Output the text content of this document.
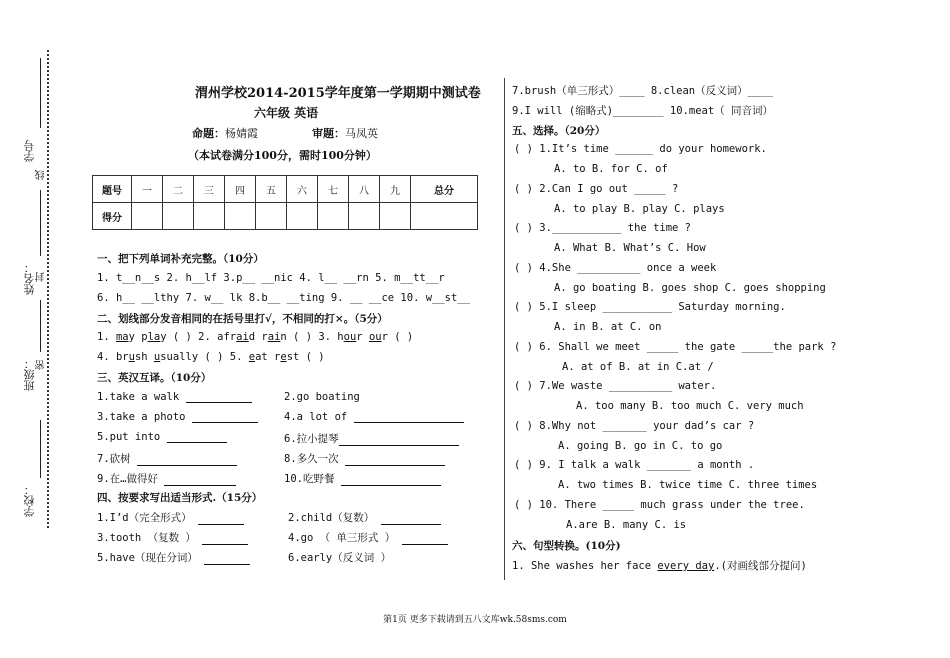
学号
线
姓名： 封
班级： 密
学校：
渭州学校2014-2015学年度第一学期期中测试卷
六年级 英语
命题：杨婧霞	审题：马凤英
（本试卷满分100分，需时100分钟）
题号	一	二	三	四	五	六	七	八	九	总分
得分										
一、把下列单词补充完整。（10分）
1. t__n__s 2. h__lf 3.p__ __nic 4. l__ __rn 5. m__tt__r
6. h__ __lthy 7. w__ lk 8.b__ __ting 9. __ __ce 10. w__st__
二、划线部分发音相同的在括号里打√，不相同的打×。（5分）
1. may play ( ) 2. afraid rain ( ) 3. hour our ( )
4. brush usually ( ) 5. eat rest ( )
三、英汉互译。（10分）
1.take a walk	2.go boating
3.take a photo	4.a lot of
5.put into	6.拉小提琴
7.砍树	8.多久一次
9.在…做得好	10.吃野餐
四、按要求写出适当形式.（15分）
1.I’d（完全形式）	2.child（复数）
3.tooth （复数 ）	4.go （ 单三形式 ）
5.have（现在分词）	6.early（反义词 ）
7.brush（单三形式）____ 8.clean（反义词）____
9.I will (缩略式)________ 10.meat（ 同音词）
五、选择。（20分）
( ) 1.It’s time ______ do your homework.
A. to B. for C. of
( ) 2.Can I go out _____ ?
A. to play B. play C. plays
( ) 3.___________ the time ?
A. What B. What’s C. How
( ) 4.She __________ once a week
A. go boating B. goes shop C. goes shopping
( ) 5.I sleep ___________ Saturday morning.
A. in B. at C. on
( ) 6. Shall we meet _____ the gate _____the park ?
A. at of B. at in C.at /
( ) 7.We waste __________ water.
A. too many B. too much C. very much
( ) 8.Why not _______ your dad’s car ?
A. going B. go in C. to go
( ) 9. I talk a walk _______ a month .
A. two times B. twice time C. three times
( ) 10. There _____ much grass under the tree.
A.are B. many C. is
六、句型转换。(10分)
1. She washes her face every day.(对画线部分提问)
第1页 更多下载请到五八文库wk.58sms.com
